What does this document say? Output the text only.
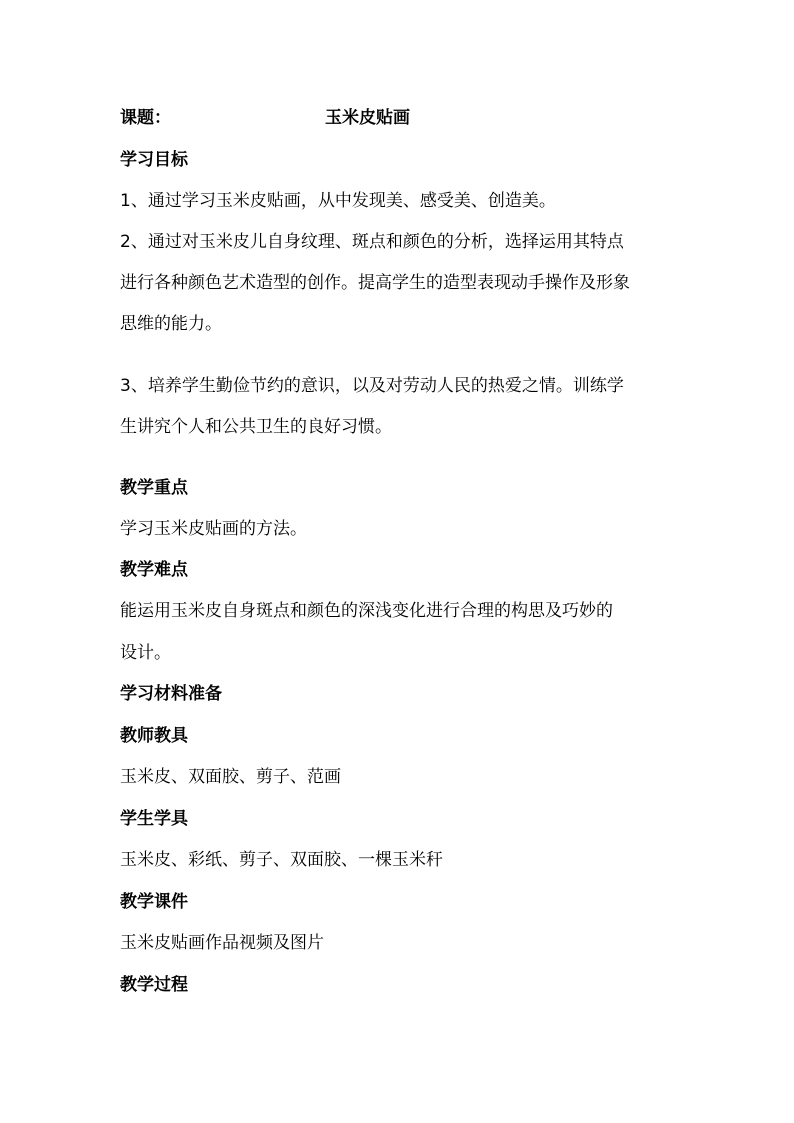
课题：	玉米皮贴画
学习目标
1、通过学习玉米皮贴画，从中发现美、感受美、创造美。
2、通过对玉米皮儿自身纹理、斑点和颜色的分析，选择运用其特点
进行各种颜色艺术造型的创作。提高学生的造型表现动手操作及形象
思维的能力。
3、培养学生勤俭节约的意识，以及对劳动人民的热爱之情。训练学
生讲究个人和公共卫生的良好习惯。
教学重点
学习玉米皮贴画的方法。
教学难点
能运用玉米皮自身斑点和颜色的深浅变化进行合理的构思及巧妙的
设计。
学习材料准备
教师教具
玉米皮、双面胶、剪子、范画
学生学具
玉米皮、彩纸、剪子、双面胶、一棵玉米秆
教学课件
玉米皮贴画作品视频及图片
教学过程
